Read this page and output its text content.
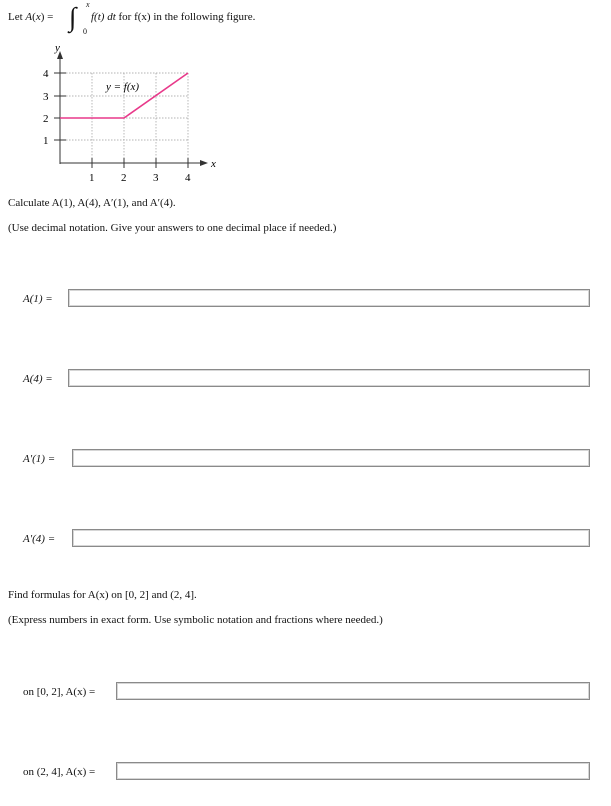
Let A(x) = ∫ x
0
f(t) dt for f(x) in the following figure.
4
3
2
1
1 2 3 4
y
x
y = f(x)
Calculate A(1), A(4), A′(1), and A′(4).
(Use decimal notation. Give your answers to one decimal place if needed.)
A(1) =
A(4) =
A′(1) =
A′(4) =
Find formulas for A(x) on [0, 2] and (2, 4].
(Express numbers in exact form. Use symbolic notation and fractions where needed.)
on [0, 2], A(x) =
on (2, 4], A(x) =
